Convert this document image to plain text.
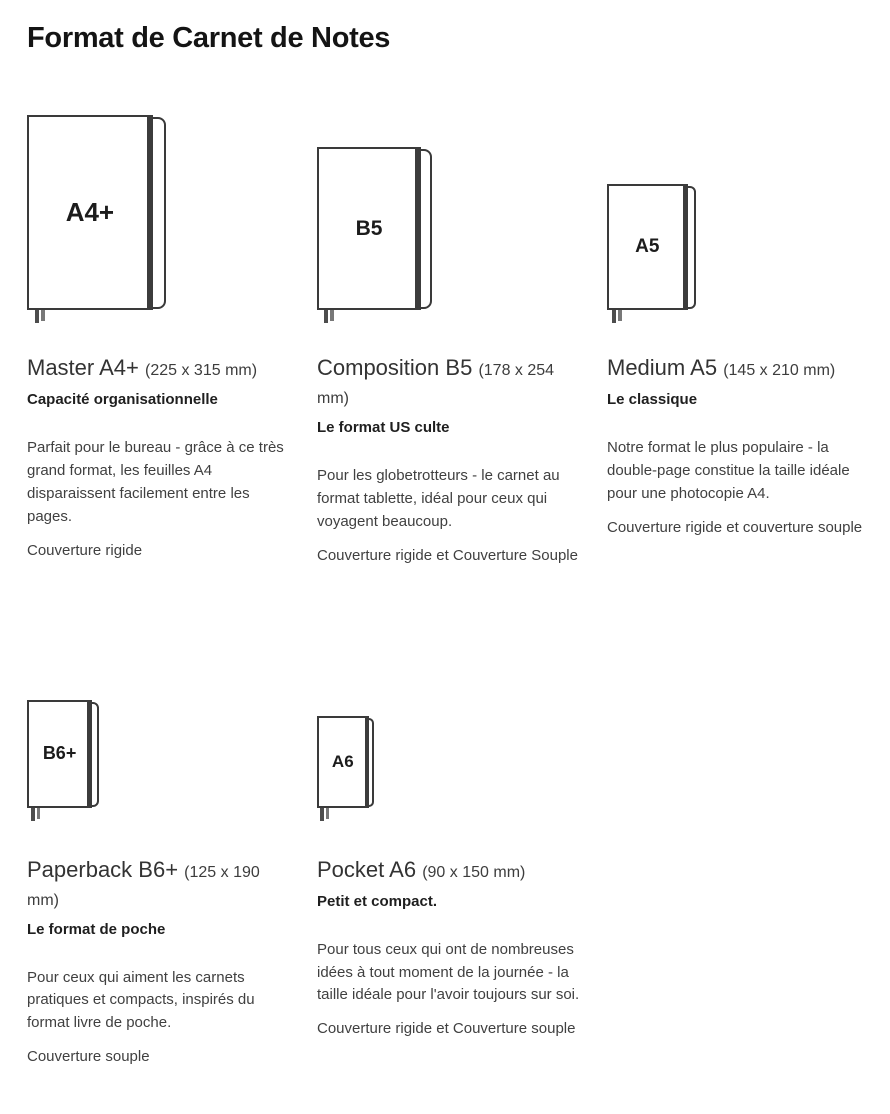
Format de Carnet de Notes
A4+
Master A4+ (225 x 315 mm)

Capacité organisationnelle

Parfait pour le bureau - grâce à ce très grand format, les feuilles A4 disparaissent facilement entre les pages.

Couverture rigide

B5
Composition B5 (178 x 254 mm)

Le format US culte

Pour les globetrotteurs - le carnet au format tablette, idéal pour ceux qui voyagent beaucoup.

Couverture rigide et Couverture Souple

A5
Medium A5 (145 x 210 mm)

Le classique

Notre format le plus populaire - la double-page constitue la taille idéale pour une photocopie A4.

Couverture rigide et couverture souple

B6+
Paperback B6+ (125 x 190 mm)

Le format de poche

Pour ceux qui aiment les carnets pratiques et compacts, inspirés du format livre de poche.

Couverture souple

A6
Pocket A6 (90 x 150 mm)

Petit et compact.

Pour tous ceux qui ont de nombreuses idées à tout moment de la journée - la taille idéale pour l'avoir toujours sur soi.

Couverture rigide et Couverture souple
